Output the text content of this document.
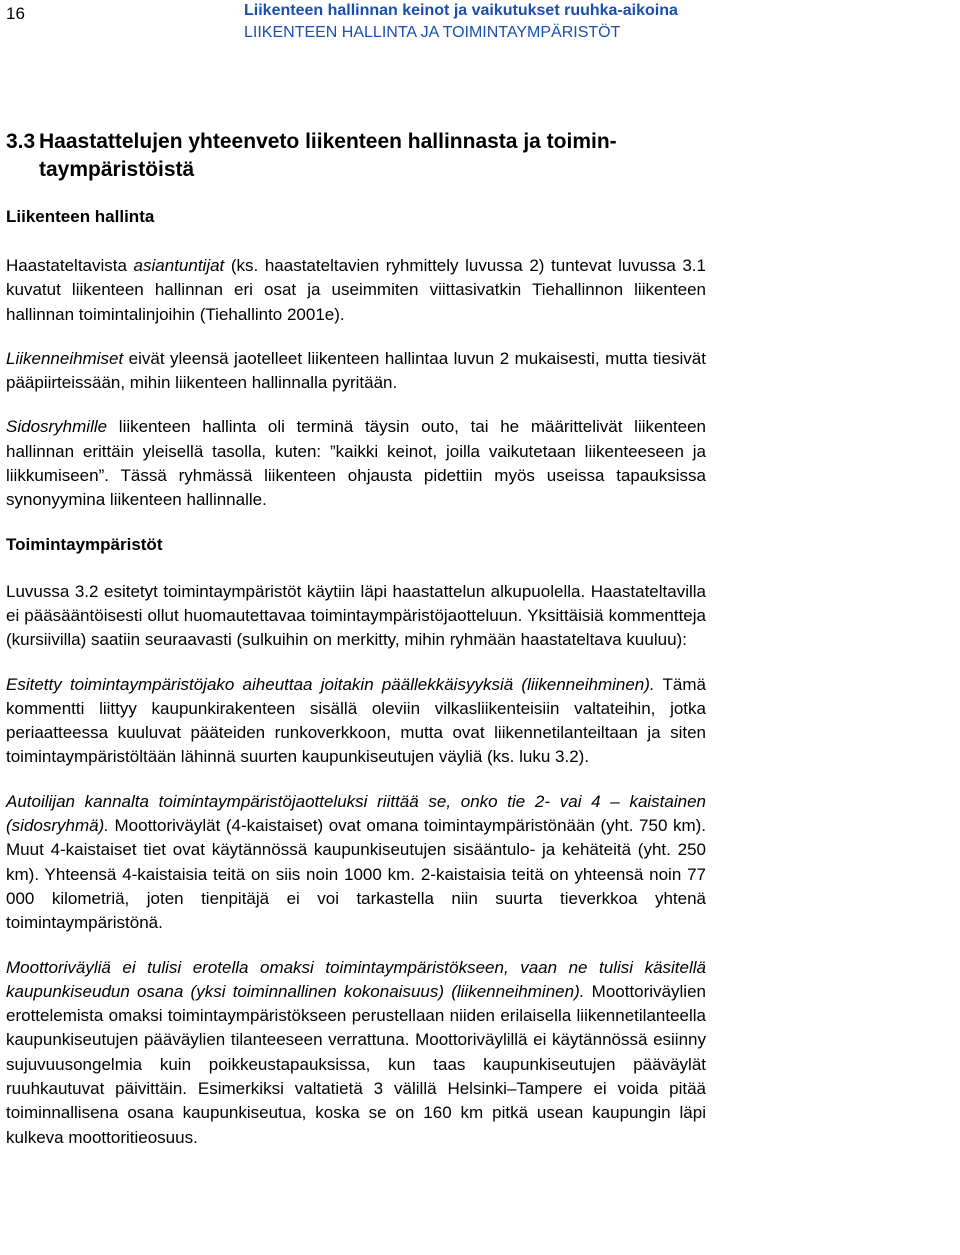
16	Liikenteen hallinnan keinot ja vaikutukset ruuhka-aikoina
LIIKENTEEN HALLINTA JA TOIMINTAYMPÄRISTÖT
3.3 Haastattelujen yhteenveto liikenteen hallinnasta ja toimin-taympäristöistä
Liikenteen hallinta

Haastateltavista asiantuntijat (ks. haastateltavien ryhmittely luvussa 2) tuntevat luvussa 3.1 kuvatut liikenteen hallinnan eri osat ja useimmiten viittasivatkin Tiehallinnon liikenteen hallinnan toimintalinjoihin (Tiehallinto 2001e).

Liikenneihmiset eivät yleensä jaotelleet liikenteen hallintaa luvun 2 mukaisesti, mutta tiesivät pääpiirteissään, mihin liikenteen hallinnalla pyritään.

Sidosryhmille liikenteen hallinta oli terminä täysin outo, tai he määrittelivät liikenteen hallinnan erittäin yleisellä tasolla, kuten: ”kaikki keinot, joilla vaikutetaan liikenteeseen ja liikkumiseen”. Tässä ryhmässä liikenteen ohjausta pidettiin myös useissa tapauksissa synonyymina liikenteen hallinnalle.

Toimintaympäristöt

Luvussa 3.2 esitetyt toimintaympäristöt käytiin läpi haastattelun alkupuolella. Haastateltavilla ei pääsääntöisesti ollut huomautettavaa toimintaympäristöjaotteluun. Yksittäisiä kommentteja (kursiivilla) saatiin seuraavasti (sulkuihin on merkitty, mihin ryhmään haastateltava kuuluu):

Esitetty toimintaympäristöjako aiheuttaa joitakin päällekkäisyyksiä (liikenneihminen). Tämä kommentti liittyy kaupunkirakenteen sisällä oleviin vilkasliikenteisiin valtateihin, jotka periaatteessa kuuluvat pääteiden runkoverkkoon, mutta ovat liikennetilanteiltaan ja siten toimintaympäristöltään lähinnä suurten kaupunkiseutujen väyliä (ks. luku 3.2).

Autoilijan kannalta toimintaympäristöjaotteluksi riittää se, onko tie 2- vai 4 – kaistainen (sidosryhmä). Moottoriväylät (4-kaistaiset) ovat omana toimintaympäristönään (yht. 750 km). Muut 4-kaistaiset tiet ovat käytännössä kaupunkiseutujen sisääntulo- ja kehäteitä (yht. 250 km). Yhteensä 4-kaistaisia teitä on siis noin 1000 km. 2-kaistaisia teitä on yhteensä noin 77 000 kilometriä, joten tienpitäjä ei voi tarkastella niin suurta tieverkkoa yhtenä toimintaympäristönä.

Moottoriväyliä ei tulisi erotella omaksi toimintaympäristökseen, vaan ne tulisi käsitellä kaupunkiseudun osana (yksi toiminnallinen kokonaisuus) (liikenneihminen). Moottoriväylien erottelemista omaksi toimintaympäristökseen perustellaan niiden erilaisella liikennetilanteella kaupunkiseutujen pääväylien tilanteeseen verrattuna. Moottoriväylillä ei käytännössä esiinny sujuvuusongelmia kuin poikkeustapauksissa, kun taas kaupunkiseutujen pääväylät ruuhkautuvat päivittäin. Esimerkiksi valtatietä 3 välillä Helsinki–Tampere ei voida pitää toiminnallisena osana kaupunkiseutua, koska se on 160 km pitkä usean kaupungin läpi kulkeva moottoritieosuus.
